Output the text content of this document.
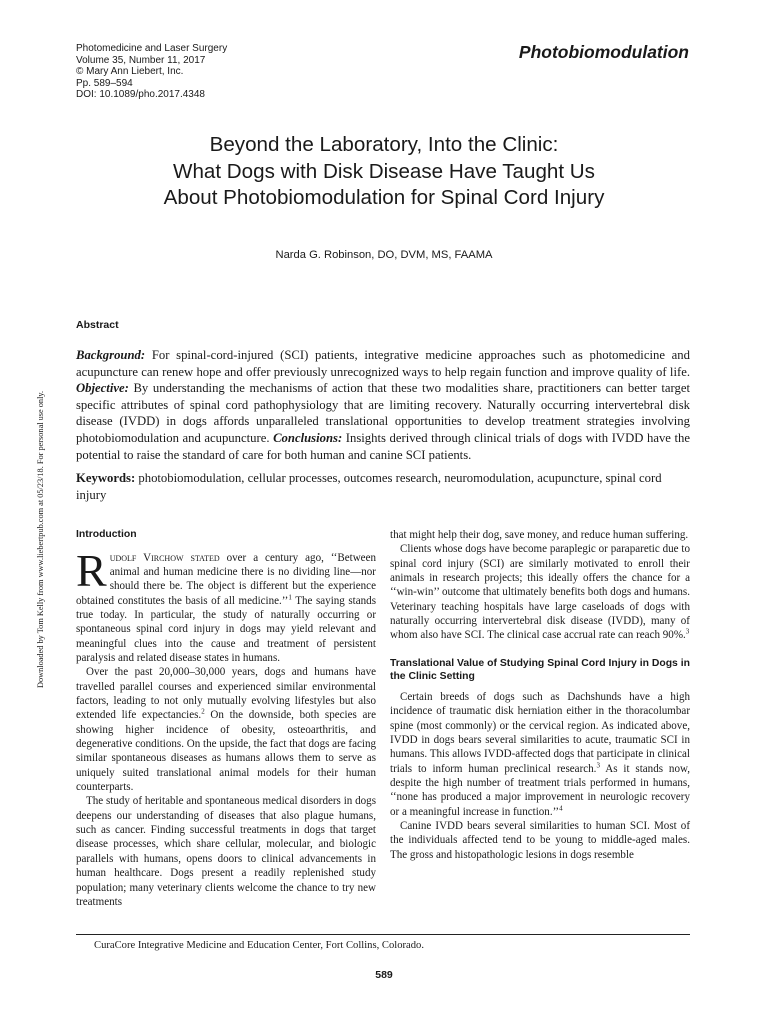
Photomedicine and Laser Surgery
Volume 35, Number 11, 2017
© Mary Ann Liebert, Inc.
Pp. 589–594
DOI: 10.1089/pho.2017.4348
Photobiomodulation
Beyond the Laboratory, Into the Clinic:
What Dogs with Disk Disease Have Taught Us
About Photobiomodulation for Spinal Cord Injury
Narda G. Robinson, DO, DVM, MS, FAAMA
Abstract
Background: For spinal-cord-injured (SCI) patients, integrative medicine approaches such as photomedicine and acupuncture can renew hope and offer previously unrecognized ways to help regain function and improve quality of life. Objective: By understanding the mechanisms of action that these two modalities share, practitioners can better target specific attributes of spinal cord pathophysiology that are limiting recovery. Naturally occurring intervertebral disk disease (IVDD) in dogs affords unparalleled translational opportunities to develop treatment strategies involving photobiomodulation and acupuncture. Conclusions: Insights derived through clinical trials of dogs with IVDD have the potential to raise the standard of care for both human and canine SCI patients.
Keywords: photobiomodulation, cellular processes, outcomes research, neuromodulation, acupuncture, spinal cord injury
Introduction

Rudolf Virchow stated over a century ago, ‘‘Between animal and human medicine there is no dividing line—nor should there be. The object is different but the experience obtained constitutes the basis of all medicine.’’$^1$ The saying stands true today. In particular, the study of naturally occurring or spontaneous spinal cord injury in dogs may yield relevant and meaningful clues into the cause and treatment of persistent paralysis and related disease states in humans.

Over the past 20,000–30,000 years, dogs and humans have travelled parallel courses and experienced similar environmental factors, leading to not only mutually evolving lifestyles but also extended life expectancies.$^2$ On the downside, both species are showing higher incidence of obesity, osteoarthritis, and degenerative conditions. On the upside, the fact that dogs are facing similar spontaneous diseases as humans allows them to serve as uniquely suited translational animal models for their human counterparts.

The study of heritable and spontaneous medical disorders in dogs deepens our understanding of diseases that also plague humans, such as cancer. Finding successful treatments in dogs that target disease processes, which share cellular, molecular, and biologic parallels with humans, opens doors to clinical advancements in human healthcare. Dogs present a readily replenished study population; many veterinary clients welcome the chance to try new treatments

that might help their dog, save money, and reduce human suffering.

Clients whose dogs have become paraplegic or paraparetic due to spinal cord injury (SCI) are similarly motivated to enroll their animals in research projects; this ideally offers the chance for a ‘‘win-win’’ outcome that ultimately benefits both dogs and humans. Veterinary teaching hospitals have large caseloads of dogs with naturally occurring intervertebral disk disease (IVDD), many of whom also have SCI. The clinical case accrual rate can reach 90%.$^3$

Translational Value of Studying Spinal Cord Injury in Dogs in the Clinic Setting

Certain breeds of dogs such as Dachshunds have a high incidence of traumatic disk herniation either in the thoracolumbar spine (most commonly) or the cervical region. As indicated above, IVDD in dogs bears several similarities to acute, traumatic SCI in humans. This allows IVDD-affected dogs that participate in clinical trials to inform human preclinical research.$^3$ As it stands now, despite the high number of treatment trials performed in humans, ‘‘none has produced a major improvement in neurologic recovery or a meaningful increase in function.’’$^4$

Canine IVDD bears several similarities to human SCI. Most of the individuals affected tend to be young to middle-aged males. The gross and histopathologic lesions in dogs resemble

CuraCore Integrative Medicine and Education Center, Fort Collins, Colorado.
589
Downloaded by Tom Kelly from www.liebertpub.com at 05/23/18. For personal use only.
